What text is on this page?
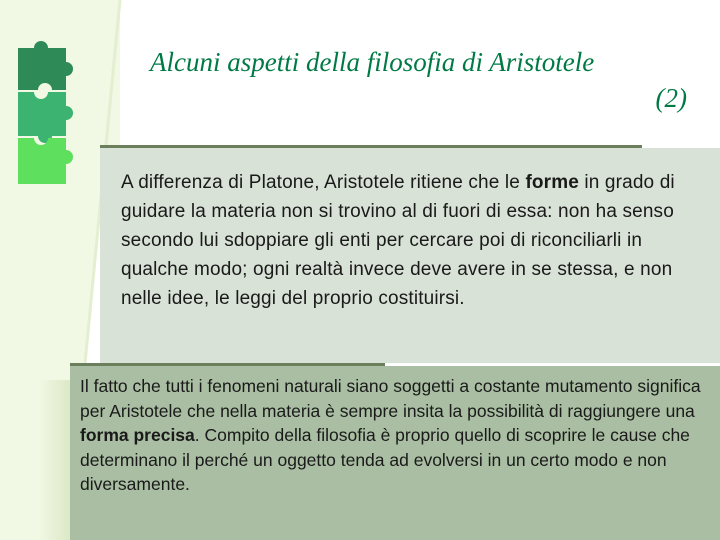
Alcuni aspetti della filosofia di Aristotele
(2)

A differenza di Platone, Aristotele ritiene che le forme in grado di guidare la materia non si trovino al di fuori di essa: non ha senso secondo lui sdoppiare gli enti per cercare poi di riconciliarli in qualche modo; ogni realtà invece deve avere in se stessa, e non nelle idee, le leggi del proprio costituirsi.

Il fatto che tutti i fenomeni naturali siano soggetti a costante mutamento significa per Aristotele che nella materia è sempre insita la possibilità di raggiungere una forma precisa. Compito della filosofia è proprio quello di scoprire le cause che determinano il perché un oggetto tenda ad evolversi in un certo modo e non diversamente.
